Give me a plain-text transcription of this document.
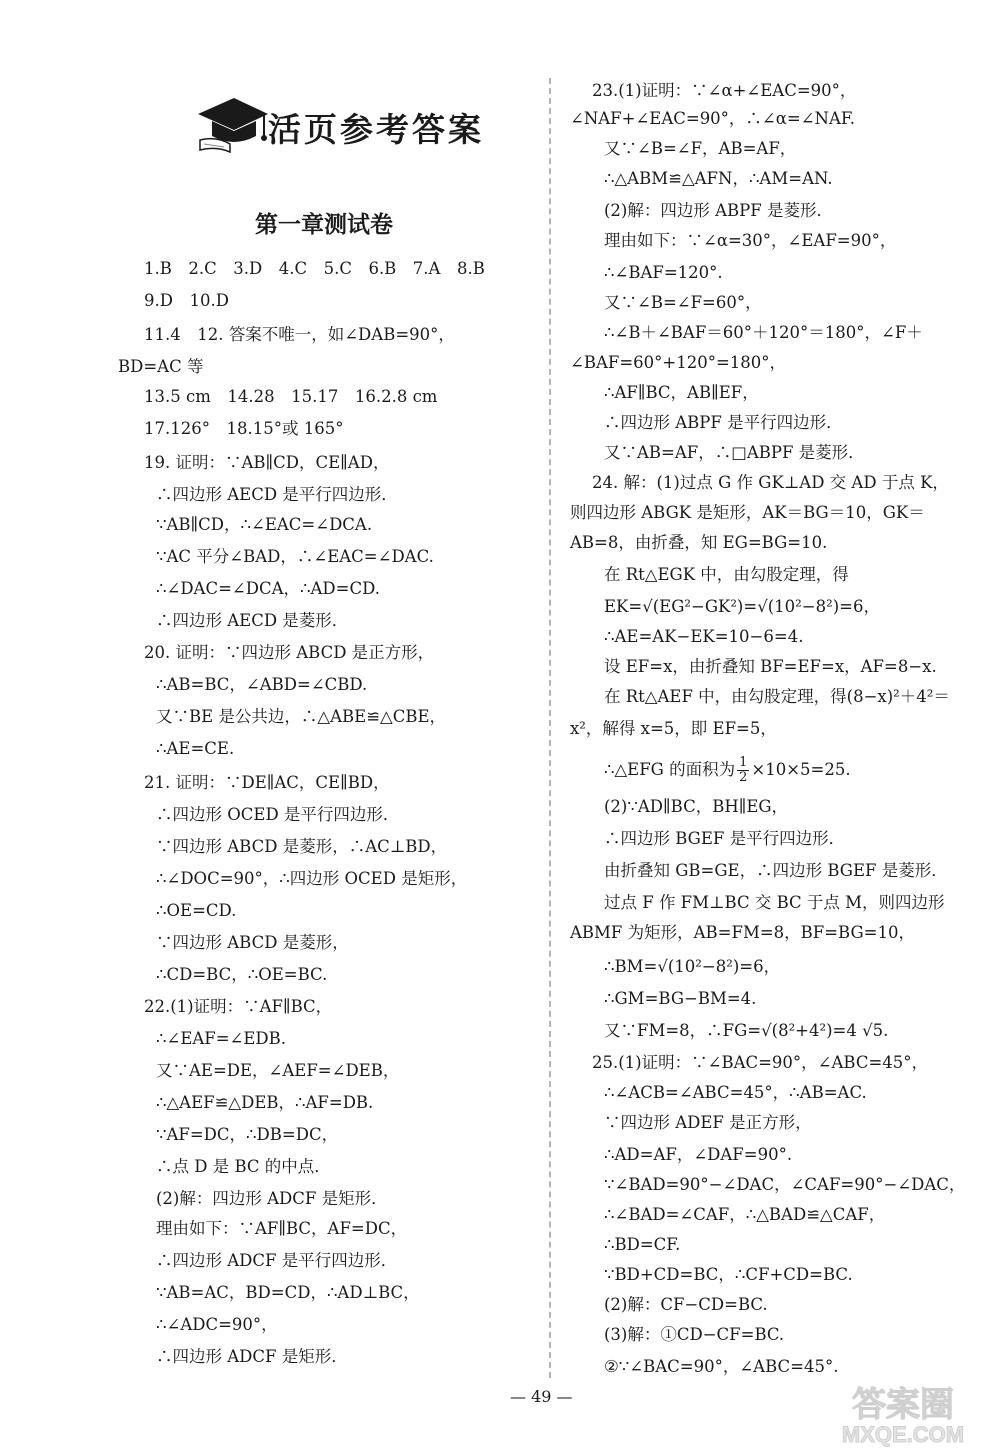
活页参考答案
第一章测试卷
1.B　2.C　3.D　4.C　5.C　6.B　7.A　8.B
9.D　10.D
11.4　12. 答案不唯一，如∠DAB=90°，
BD=AC 等
13.5 cm　14.28　15.17　16.2.8 cm
17.126°　18.15°或 165°
19. 证明：∵AB∥CD，CE∥AD，
∴四边形 AECD 是平行四边形．
∵AB∥CD，∴∠EAC=∠DCA.
∵AC 平分∠BAD，∴∠EAC=∠DAC.
∴∠DAC=∠DCA，∴AD=CD.
∴四边形 AECD 是菱形．
20. 证明：∵四边形 ABCD 是正方形，
∴AB=BC，∠ABD=∠CBD.
又∵BE 是公共边，∴△ABE≌△CBE，
∴AE=CE.
21. 证明：∵DE∥AC，CE∥BD，
∴四边形 OCED 是平行四边形．
∵四边形 ABCD 是菱形，∴AC⊥BD，
∴∠DOC=90°，∴四边形 OCED 是矩形，
∴OE=CD.
∵四边形 ABCD 是菱形，
∴CD=BC，∴OE=BC.
22.(1)证明：∵AF∥BC，
∴∠EAF=∠EDB.
又∵AE=DE，∠AEF=∠DEB，
∴△AEF≌△DEB，∴AF=DB.
∵AF=DC，∴DB=DC，
∴点 D 是 BC 的中点．
(2)解：四边形 ADCF 是矩形．
理由如下：∵AF∥BC，AF=DC，
∴四边形 ADCF 是平行四边形．
∵AB=AC，BD=CD，∴AD⊥BC，
∴∠ADC=90°，
∴四边形 ADCF 是矩形．
23.(1)证明：∵∠α+∠EAC=90°，
∠NAF+∠EAC=90°，∴∠α=∠NAF.
又∵∠B=∠F，AB=AF，
∴△ABM≌△AFN，∴AM=AN.
(2)解：四边形 ABPF 是菱形．
理由如下：∵∠α=30°，∠EAF=90°，
∴∠BAF=120°.
又∵∠B=∠F=60°，
∴∠B＋∠BAF＝60°＋120°＝180°，∠F＋
∠BAF=60°+120°=180°，
∴AF∥BC，AB∥EF，
∴四边形 ABPF 是平行四边形．
又∵AB=AF，∴□ABPF 是菱形．
24. 解：(1)过点 G 作 GK⊥AD 交 AD 于点 K，
则四边形 ABGK 是矩形，AK＝BG＝10，GK＝
AB=8，由折叠，知 EG=BG=10.
在 Rt△EGK 中，由勾股定理，得
EK=√(EG²−GK²)=√(10²−8²)=6，
∴AE=AK−EK=10−6=4.
设 EF=x，由折叠知 BF=EF=x，AF=8−x.
在 Rt△AEF 中，由勾股定理，得(8−x)²＋4²＝
x²，解得 x=5，即 EF=5，
∴△EFG 的面积为 $\frac{1}{2} \times 10\times 5=25$.
(2)∵AD∥BC，BH∥EG，
∴四边形 BGEF 是平行四边形．
由折叠知 GB=GE，∴四边形 BGEF 是菱形．
过点 F 作 FM⊥BC 交 BC 于点 M，则四边形
ABMF 为矩形，AB=FM=8，BF=BG=10，
∴BM=√(10²−8²)=6，
∴GM=BG−BM=4.
又∵FM=8，∴FG=√(8²+4²)=4 √5.
25.(1)证明：∵∠BAC=90°，∠ABC=45°，
∴∠ACB=∠ABC=45°，∴AB=AC.
∵四边形 ADEF 是正方形，
∴AD=AF，∠DAF=90°.
∵∠BAD=90°−∠DAC，∠CAF=90°−∠DAC，
∴∠BAD=∠CAF，∴△BAD≌△CAF，
∴BD=CF.
∵BD+CD=BC，∴CF+CD=BC.
(2)解：CF−CD=BC.
(3)解：①CD−CF=BC.
②∵∠BAC=90°，∠ABC=45°.
— 49 —	答案圈
MXQE.COM
